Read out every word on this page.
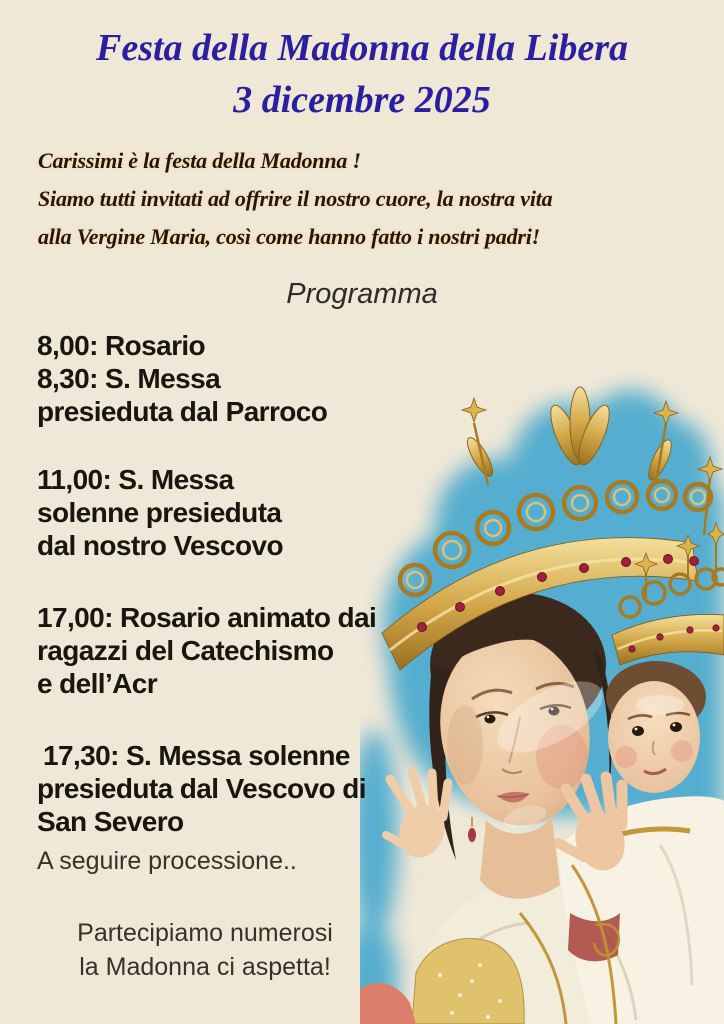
Festa della Madonna della Libera
3 dicembre 2025
Carissimi è la festa della Madonna !
Siamo tutti invitati ad offrire il nostro cuore, la nostra vita
alla Vergine Maria, così come hanno fatto i nostri padri!
Programma
8,00: Rosario
8,30: S. Messa
presieduta dal Parroco
11,00: S. Messa
solenne presieduta
dal nostro Vescovo
17,00: Rosario animato dai
ragazzi del Catechismo
e dell’Acr
17,30: S. Messa solenne
presieduta dal Vescovo di
San Severo
A seguire processione..
Partecipiamo numerosi
la Madonna ci aspetta!
